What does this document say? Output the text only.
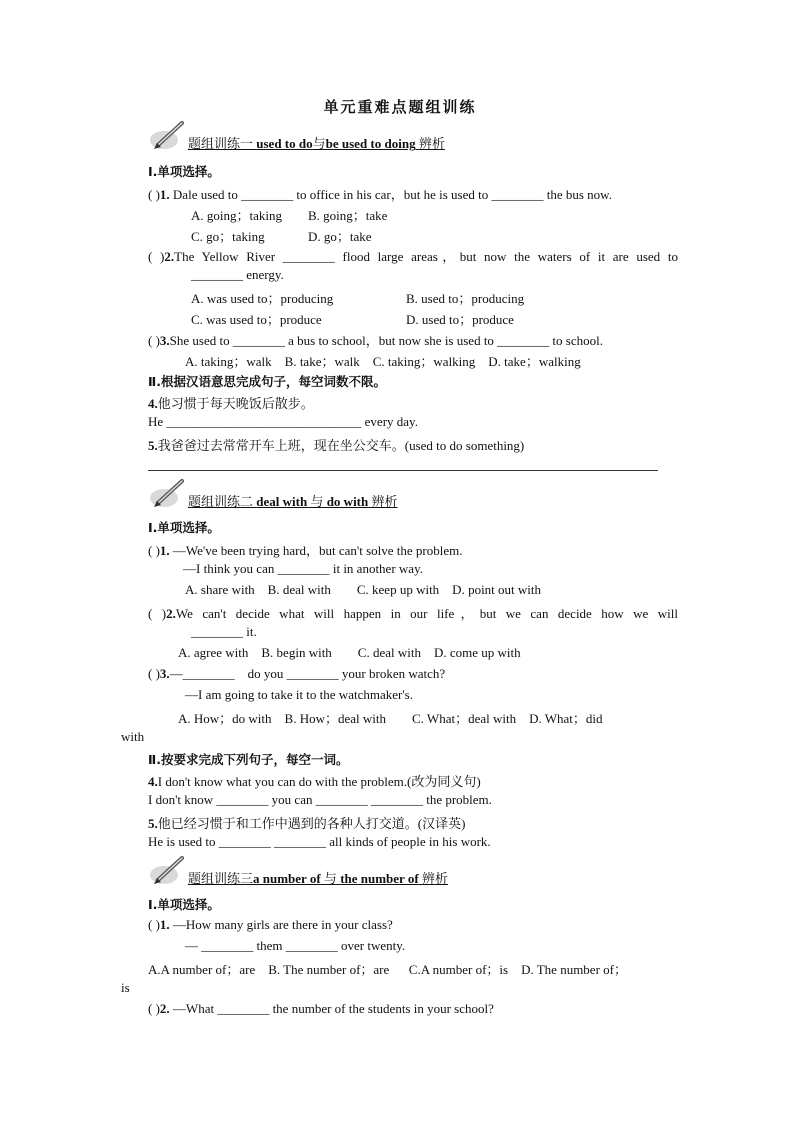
单元重难点题组训练
题组训练一 used to do与be used to doing 辨析
Ⅰ.单项选择。
( )1. Dale used to ________ to office in his car，but he is used to ________ the bus now.
A. going；taking B. going；take
C. go；taking	D. go；take
( )2.The Yellow River ________ flood large areas，but now the waters of it are used to
________ energy.
A. was used to；producing	B. used to；producing
C. was used to；produce	D. used to；produce
( )3.She used to ________ a bus to school，but now she is used to ________ to school.
A. taking；walk    B. take；walk    C. taking；walking    D. take；walking
Ⅱ.根据汉语意思完成句子，每空词数不限。
4.他习惯于每天晚饭后散步。
He ______________________________ every day.
5.我爸爸过去常常开车上班，现在坐公交车。(used to do something)
题组训练二 deal with 与 do with 辨析
Ⅰ.单项选择。
( )1. —We've been trying hard，but can't solve the problem.
—I think you can ________ it in another way.
A. share with    B. deal with        C. keep up with    D. point out with
( )2.We can't decide what will happen in our life，but we can decide how we will
________ it.
A. agree with    B. begin with        C. deal with    D. come up with
( )3.—________    do you ________ your broken watch?
—I am going to take it to the watchmaker's.
A. How；do with    B. How；deal with        C. What；deal with    D. What；did
with
Ⅱ.按要求完成下列句子，每空一词。
4.I don't know what you can do with the problem.(改为同义句)
I don't know ________ you can ________ ________ the problem.
5.他已经习惯于和工作中遇到的各种人打交道。(汉译英)
He is used to ________ ________ all kinds of people in his work.
题组训练三a number of 与 the number of 辨析
Ⅰ.单项选择。
( )1. —How many girls are there in your class?
— ________ them ________ over twenty.
A.A number of；are    B. The number of；are      C.A number of；is    D. The number of；
is
( )2. —What ________ the number of the students in your school?
